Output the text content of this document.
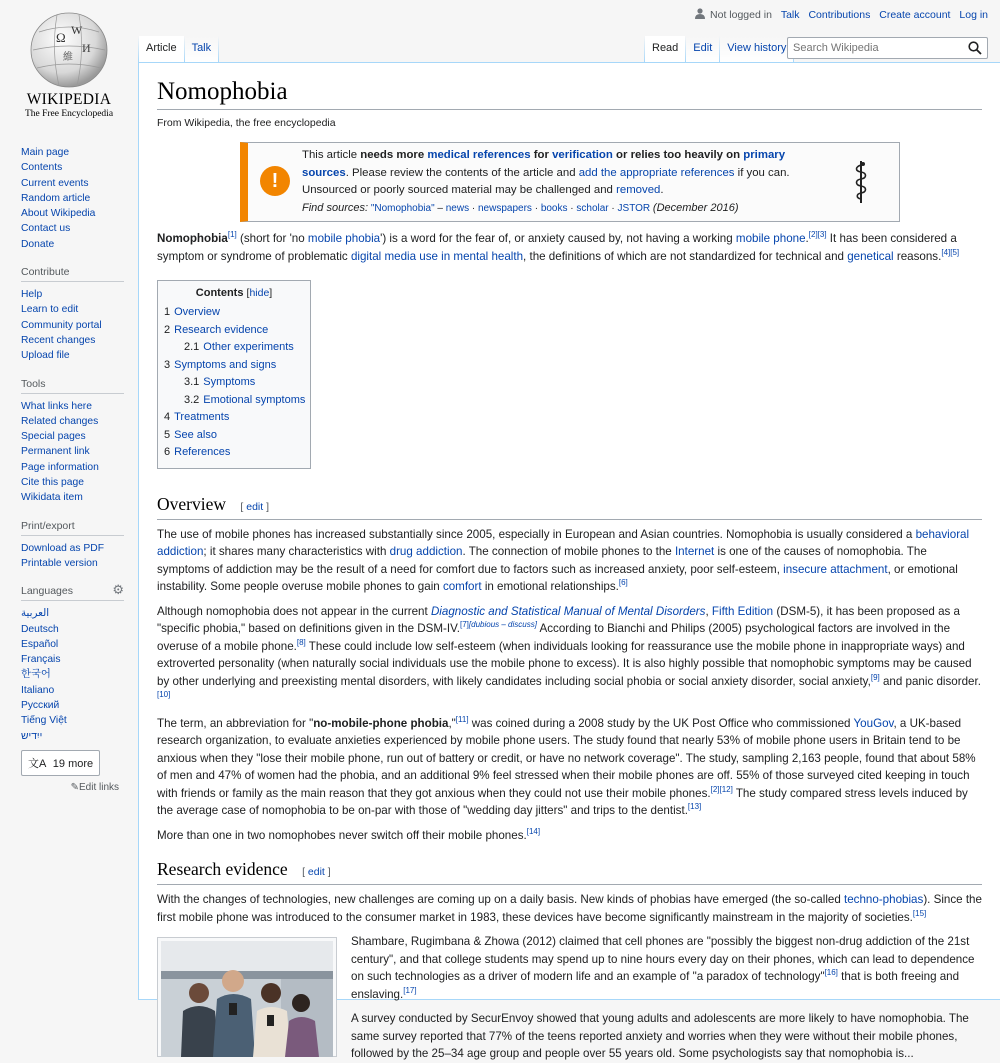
Ω W
И
維
WIKIPEDIA
The Free Encyclopedia
Main page
Contents
Current events
Random article
About Wikipedia
Contact us
Donate
Contribute
Help
Learn to edit
Community portal
Recent changes
Upload file
Tools
What links here
Related changes
Special pages
Permanent link
Page information
Cite this page
Wikidata item
Print/export
Download as PDF
Printable version
Languages	⚙
العربية
Deutsch
Español
Français
한국어
Italiano
Русский
Tiếng Việt
ייִדיש
文A 19 more
✎Edit links
Not logged in Talk Contributions Create account Log in
Article	Talk	Read	Edit	View history
Search Wikipedia
Nomophobia
From Wikipedia, the free encyclopedia
!
This article needs more medical references for verification or relies too heavily on primary sources. Please review the contents of the article and add the appropriate references if you can.
Unsourced or poorly sourced material may be challenged and removed.
Find sources: "Nomophobia" – news · newspapers · books · scholar · JSTOR (December 2016)
Nomophobia[1] (short for 'no mobile phobia') is a word for the fear of, or anxiety caused by, not having a working mobile phone.[2][3] It has been considered a symptom or syndrome of problematic digital media use in mental health, the definitions of which are not standardized for technical and genetical reasons.[4][5]
Contents [hide]
1 Overview
2 Research evidence
2.1 Other experiments
3 Symptoms and signs
3.1 Symptoms
3.2 Emotional symptoms
4 Treatments
5 See also
6 References
Overview [ edit ]
The use of mobile phones has increased substantially since 2005, especially in European and Asian countries. Nomophobia is usually considered a behavioral addiction; it shares many characteristics with drug addiction. The connection of mobile phones to the Internet is one of the causes of nomophobia. The symptoms of addiction may be the result of a need for comfort due to factors such as increased anxiety, poor self-esteem, insecure attachment, or emotional instability. Some people overuse mobile phones to gain comfort in emotional relationships.[6]
Although nomophobia does not appear in the current Diagnostic and Statistical Manual of Mental Disorders, Fifth Edition (DSM-5), it has been proposed as a "specific phobia," based on definitions given in the DSM-IV.[7][dubious – discuss] According to Bianchi and Philips (2005) psychological factors are involved in the overuse of a mobile phone.[8] These could include low self-esteem (when individuals looking for reassurance use the mobile phone in inappropriate ways) and extroverted personality (when naturally social individuals use the mobile phone to excess). It is also highly possible that nomophobic symptoms may be caused by other underlying and preexisting mental disorders, with likely candidates including social phobia or social anxiety disorder, social anxiety,[9] and panic disorder.[10]
The term, an abbreviation for "no-mobile-phone phobia,"[11] was coined during a 2008 study by the UK Post Office who commissioned YouGov, a UK-based research organization, to evaluate anxieties experienced by mobile phone users. The study found that nearly 53% of mobile phone users in Britain tend to be anxious when they "lose their mobile phone, run out of battery or credit, or have no network coverage". The study, sampling 2,163 people, found that about 58% of men and 47% of women had the phobia, and an additional 9% feel stressed when their mobile phones are off. 55% of those surveyed cited keeping in touch with friends or family as the main reason that they got anxious when they could not use their mobile phones.[2][12] The study compared stress levels induced by the average case of nomophobia to be on-par with those of "wedding day jitters" and trips to the dentist.[13]
More than one in two nomophobes never switch off their mobile phones.[14]
Research evidence [ edit ]
With the changes of technologies, new challenges are coming up on a daily basis. New kinds of phobias have emerged (the so-called techno-phobias). Since the first mobile phone was introduced to the consumer market in 1983, these devices have become significantly mainstream in the majority of societies.[15]
Shambare, Rugimbana & Zhowa (2012) claimed that cell phones are "possibly the biggest non-drug addiction of the 21st century", and that college students may spend up to nine hours every day on their phones, which can lead to dependence on such technologies as a driver of modern life and an example of "a paradox of technology"[16] that is both freeing and enslaving.[17]
A survey conducted by SecurEnvoy showed that young adults and adolescents are more likely to have nomophobia. The same survey reported that 77% of the teens reported anxiety and worries when they were without their mobile phones, followed by the 25–34 age group and people over 55 years old. Some psychologists say that nomophobia is...
